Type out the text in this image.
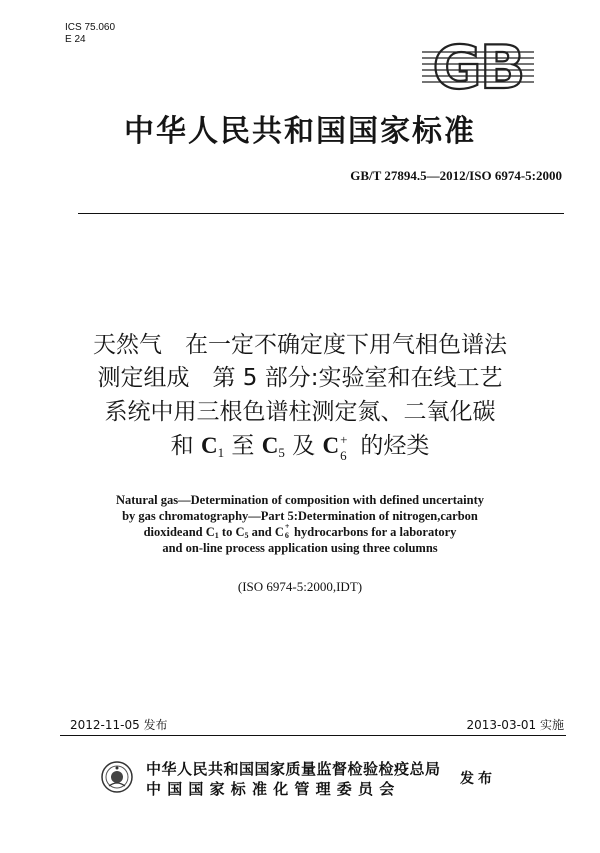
ICS 75.060
E 24	GB
中华人民共和国国家标准
GB/T 27894.5—2012/ISO 6974-5:2000
天然气　在一定不确定度下用气相色谱法
测定组成　第 5 部分:实验室和在线工艺
系统中用三根色谱柱测定氮、二氧化碳
和 $C_1$ 至 $C_5$ 及 C +
6 的烃类
Natural gas—Determination of composition with defined uncertainty
by gas chromatography—Part 5:Determination of nitrogen,carbon
dioxideand C1 to C5 and C +
6 hydrocarbons for a laboratory
and on-line process application using three columns
(ISO 6974-5:2000,IDT)
2012-11-05 发布	2013-03-01 实施
中华人民共和国国家质量监督检验检疫总局
中国国家标准化管理委员会
发布
